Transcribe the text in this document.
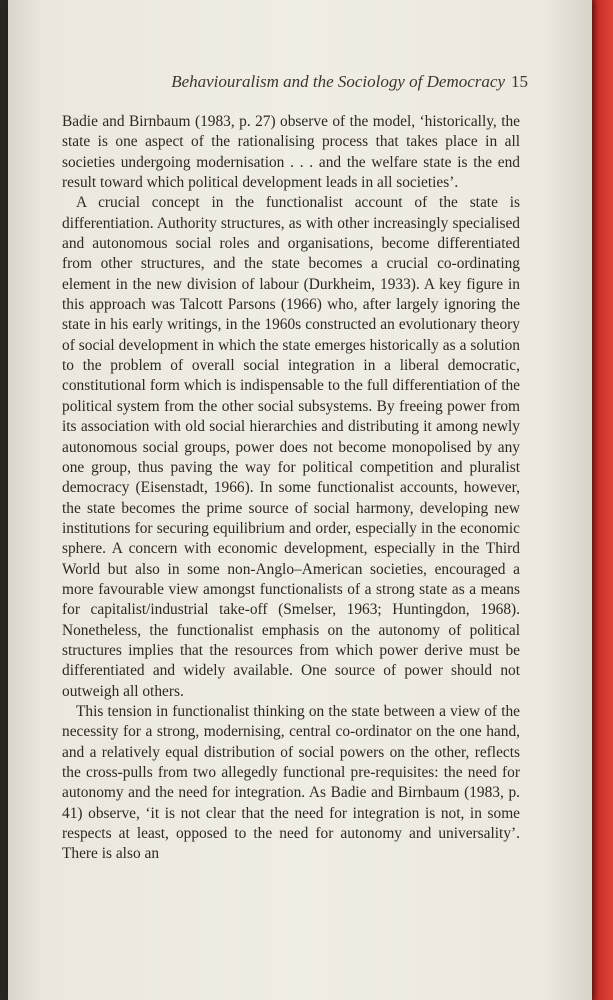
Behaviouralism and the Sociology of Democracy 15

Badie and Birnbaum (1983, p. 27) observe of the model, ‘historically, the state is one aspect of the rationalising process that takes place in all societies undergoing modernisation . . . and the welfare state is the end result toward which political development leads in all societies’.

A crucial concept in the functionalist account of the state is differentiation. Authority structures, as with other increasingly specialised and autonomous social roles and organisations, become differentiated from other structures, and the state becomes a crucial co-ordinating element in the new division of labour (Durkheim, 1933). A key figure in this approach was Talcott Parsons (1966) who, after largely ignoring the state in his early writings, in the 1960s constructed an evolutionary theory of social development in which the state emerges historically as a solution to the problem of overall social integration in a liberal democratic, constitutional form which is indispensable to the full differentiation of the political system from the other social subsystems. By freeing power from its association with old social hierarchies and distributing it among newly autonomous social groups, power does not become monopolised by any one group, thus paving the way for political competition and pluralist democracy (Eisenstadt, 1966). In some functionalist accounts, however, the state becomes the prime source of social harmony, developing new institutions for securing equilibrium and order, especially in the economic sphere. A concern with economic development, especially in the Third World but also in some non-Anglo–American societies, encouraged a more favourable view amongst functionalists of a strong state as a means for capitalist/industrial take-off (Smelser, 1963; Huntingdon, 1968). Nonetheless, the functionalist emphasis on the autonomy of political structures implies that the resources from which power derive must be differentiated and widely available. One source of power should not outweigh all others.

This tension in functionalist thinking on the state between a view of the necessity for a strong, modernising, central co-ordinator on the one hand, and a relatively equal distribution of social powers on the other, reflects the cross-pulls from two allegedly functional pre-requisites: the need for autonomy and the need for integration. As Badie and Birnbaum (1983, p. 41) observe, ‘it is not clear that the need for integration is not, in some respects at least, opposed to the need for autonomy and universality’. There is also an
